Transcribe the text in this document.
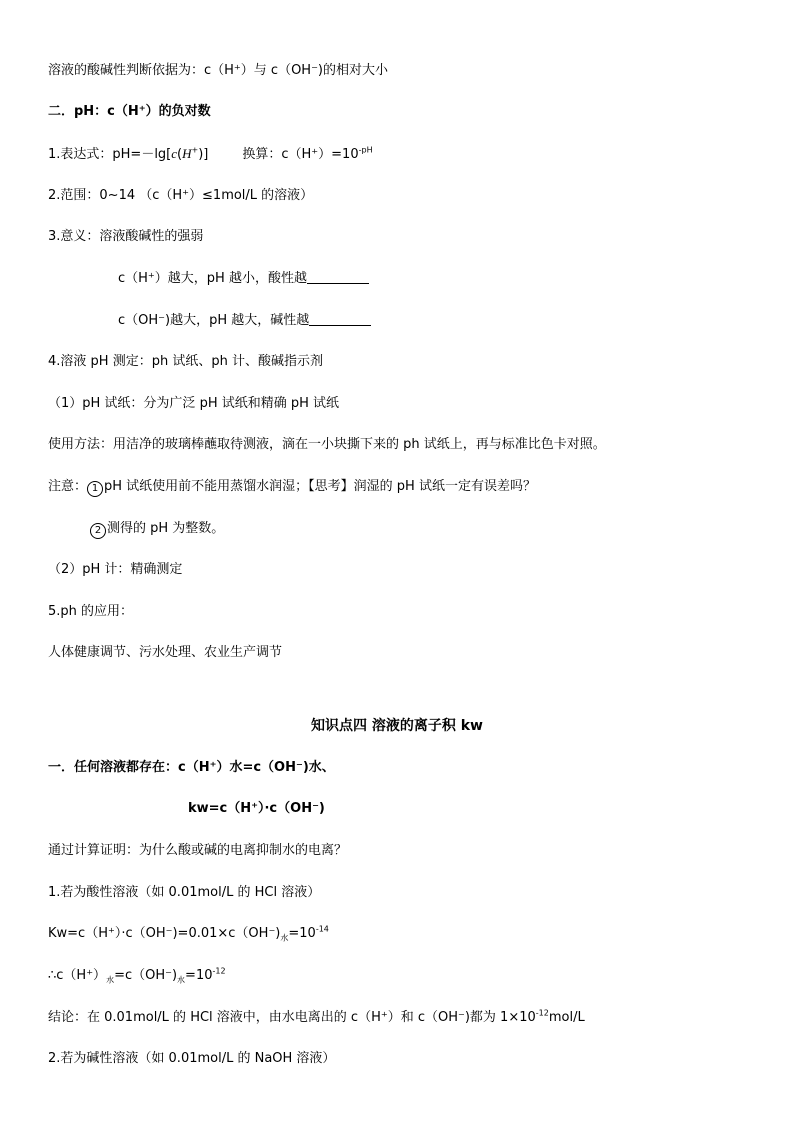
溶液的酸碱性判断依据为：c（H⁺）与 c（OH⁻)的相对大小
二．pH：c（H⁺）的负对数
1.表达式：pH=－lg[c(H+)]	换算：$c(H^+)=10^{-pH}$
2.范围：0~14 （c（H⁺）≤1mol/L 的溶液）
3.意义：溶液酸碱性的强弱
c（H⁺）越大，pH 越小，酸性越
c（OH⁻)越大，pH 越大，碱性越
4.溶液 pH 测定：ph 试纸、ph 计、酸碱指示剂
（1）pH 试纸：分为广泛 pH 试纸和精确 pH 试纸
使用方法：用洁净的玻璃棒蘸取待测液，滴在一小块撕下来的 ph 试纸上，再与标准比色卡对照。
注意： 1 pH 试纸使用前不能用蒸馏水润湿；【思考】润湿的 pH 试纸一定有误差吗？
2 测得的 pH 为整数。
（2）pH 计：精确测定
5.ph 的应用：
人体健康调节、污水处理、农业生产调节
知识点四 溶液的离子积 kw
一．任何溶液都存在：c（H⁺）水=c（OH⁻)水、
kw=c（H⁺）·c（OH⁻)
通过计算证明：为什么酸或碱的电离抑制水的电离？
1.若为酸性溶液（如 0.01mol/L 的 HCl 溶液）
$Kw=c(H^+)\cdot c(OH^-)=0.01\times c(OH^-)_水=10^{-14}$
$\therefore c(H^+)_水=c(OH^-)_水=10^{-12}$
结论：在 0.01mol/L 的 HCl 溶液中，由水电离出的 c（H⁺）和 c（OH⁻)都为 $1\times 10^{-12}mol/L$
2.若为碱性溶液（如 0.01mol/L 的 NaOH 溶液）
